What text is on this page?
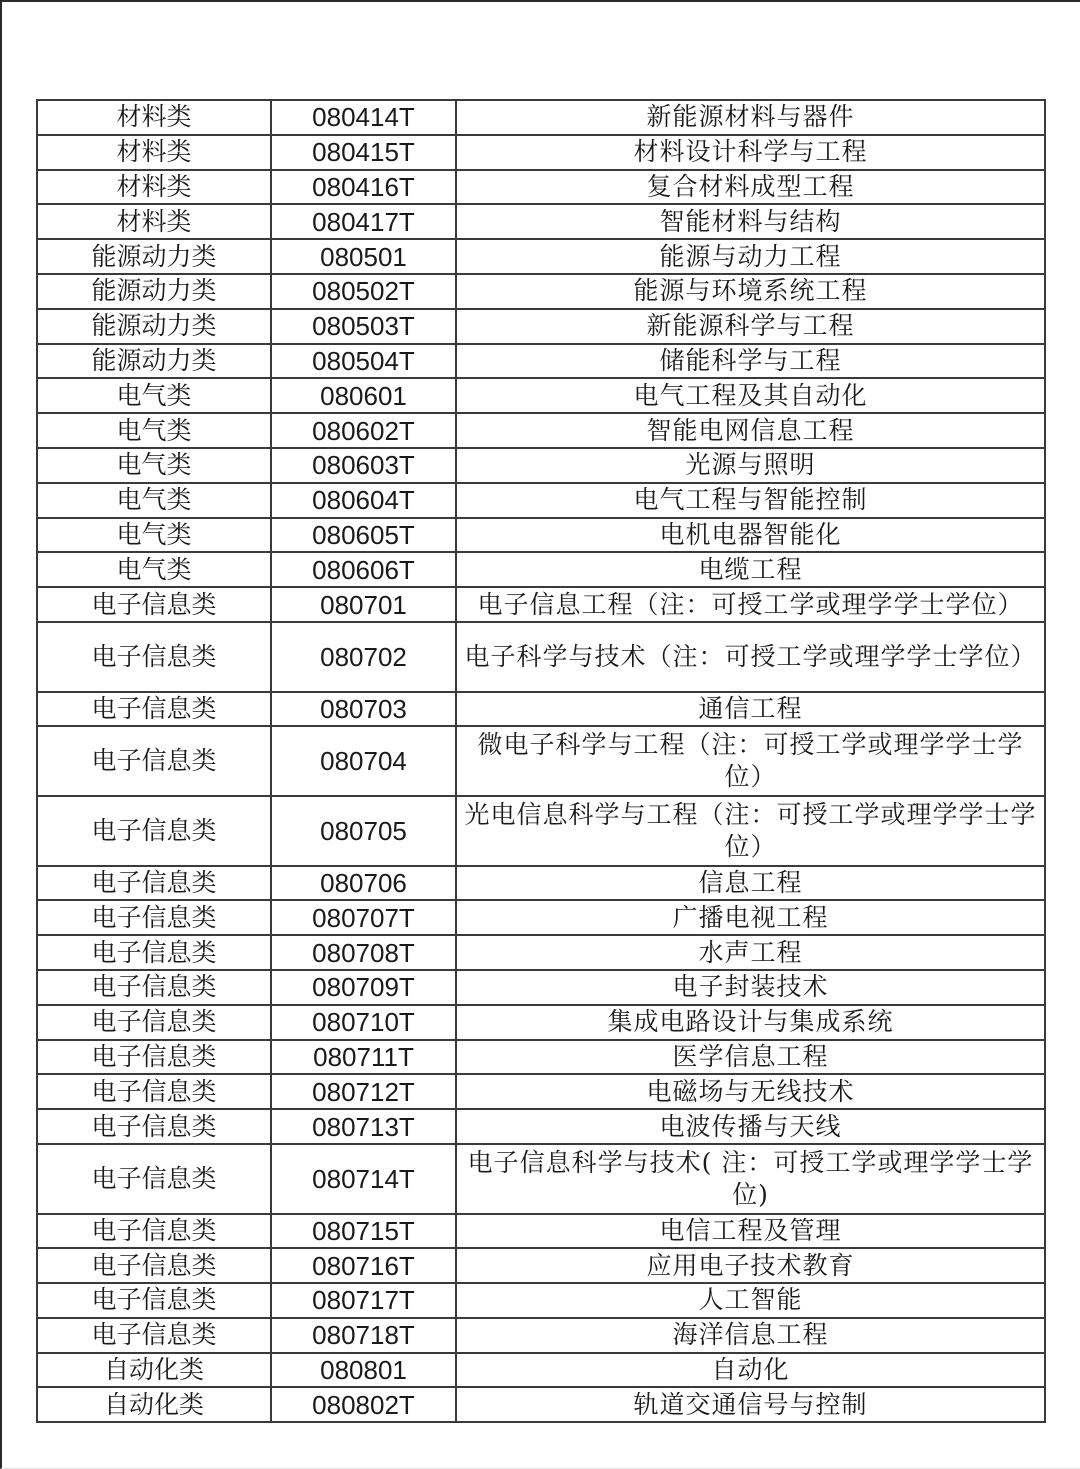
材料类	080414T	新能源材料与器件
材料类	080415T	材料设计科学与工程
材料类	080416T	复合材料成型工程
材料类	080417T	智能材料与结构
能源动力类	080501	能源与动力工程
能源动力类	080502T	能源与环境系统工程
能源动力类	080503T	新能源科学与工程
能源动力类	080504T	储能科学与工程
电气类	080601	电气工程及其自动化
电气类	080602T	智能电网信息工程
电气类	080603T	光源与照明
电气类	080604T	电气工程与智能控制
电气类	080605T	电机电器智能化
电气类	080606T	电缆工程
电子信息类	080701	电子信息工程（注：可授工学或理学学士学位）
电子信息类	080702	电子科学与技术（注：可授工学或理学学士学位）
电子信息类	080703	通信工程
电子信息类	080704	微电子科学与工程（注：可授工学或理学学士学位）
电子信息类	080705	光电信息科学与工程（注：可授工学或理学学士学位）
电子信息类	080706	信息工程
电子信息类	080707T	广播电视工程
电子信息类	080708T	水声工程
电子信息类	080709T	电子封装技术
电子信息类	080710T	集成电路设计与集成系统
电子信息类	080711T	医学信息工程
电子信息类	080712T	电磁场与无线技术
电子信息类	080713T	电波传播与天线
电子信息类	080714T	电子信息科学与技术( 注：可授工学或理学学士学位)
电子信息类	080715T	电信工程及管理
电子信息类	080716T	应用电子技术教育
电子信息类	080717T	人工智能
电子信息类	080718T	海洋信息工程
自动化类	080801	自动化
自动化类	080802T	轨道交通信号与控制
